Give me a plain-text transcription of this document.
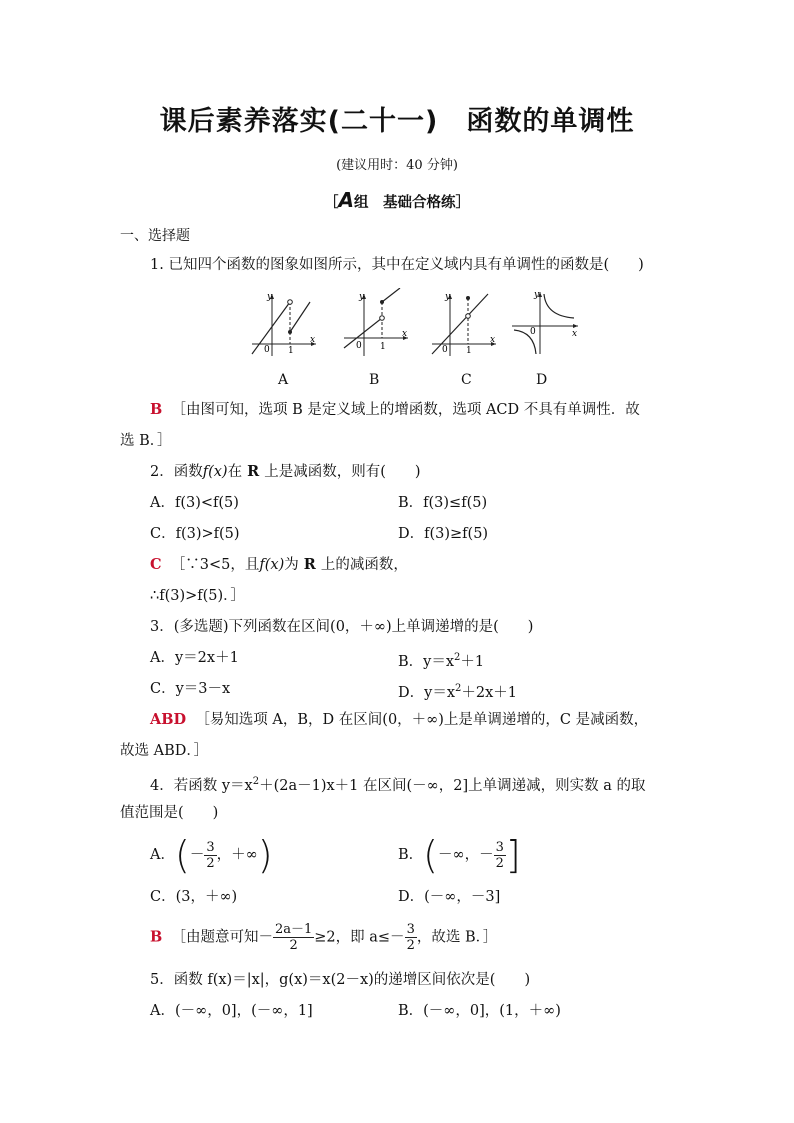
课后素养落实(二十一)　函数的单调性
(建议用时：40 分钟)
［A组　基础合格练］
一、选择题
1. 已知四个函数的图象如图所示，其中在定义域内具有单调性的函数是(　　)
y
x
0 1
y
x
0 1
y
x
0 1
y
x
0
A	B	C	D
B ［由图可知，选项 B 是定义域上的增函数，选项 ACD 不具有单调性．故
选 B．］
2．函数f(x)在 R 上是减函数，则有(　　)
A．f(3)<f(5)	B．f(3)≤f(5)
C．f(3)>f(5)	D．f(3)≥f(5)
C ［∵3<5，且f(x)为 R 上的减函数，
∴f(3)>f(5)．］
3．(多选题)下列函数在区间(0，＋∞)上单调递增的是(　　)
A．y＝2x＋1	B．$y=x^2+1$
C．y＝3－x	D．$y=x^2+2x+1$
ABD ［易知选项 A，B，D 在区间(0，＋∞)上是单调递增的，C 是减函数，
故选 ABD．］
4．若函数 $y=x^2+(2a-1)x+1$ 在区间(－∞，2]上单调递减，则实数 a 的取
值范围是(　　)
A．(－ $\frac{3}{2}$ ，＋∞)	B．(－∞，－ $\frac{3}{2}$ ]
C．(3，＋∞)	D．(－∞，－3]
B ［由题意可知－ $\frac{2a-1}{2} \ge 2$，即 $a\le- \frac{3}{2}$ ，故选 B．］
5．函数 f(x)＝|x|，g(x)＝x(2－x)的递增区间依次是(　　)
A．(－∞，0]，(－∞，1]	B．(－∞，0]，(1，＋∞)
